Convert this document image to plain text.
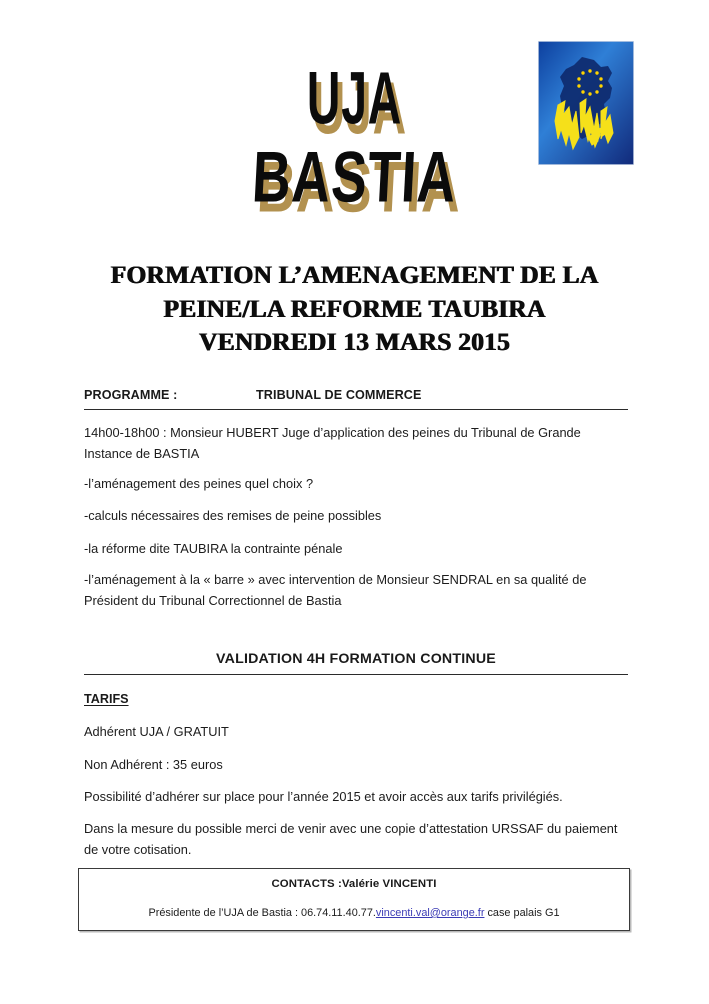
UJA
BASTIA
FORMATION L’AMENAGEMENT DE LA
PEINE/LA REFORME TAUBIRA
VENDREDI 13 MARS 2015
PROGRAMME :	TRIBUNAL DE COMMERCE
14h00-18h00 : Monsieur HUBERT Juge d’application des peines du Tribunal de Grande Instance de BASTIA
-l’aménagement des peines quel choix ?
-calculs nécessaires des remises de peine possibles
-la réforme dite TAUBIRA la contrainte pénale
-l’aménagement à la « barre » avec intervention de Monsieur SENDRAL en sa qualité de Président du Tribunal Correctionnel de Bastia
VALIDATION 4H FORMATION CONTINUE
TARIFS
Adhérent UJA / GRATUIT
Non Adhérent : 35 euros
Possibilité d’adhérer sur place pour l’année 2015 et avoir accès aux tarifs privilégiés.
Dans la mesure du possible merci de venir avec une copie d’attestation URSSAF du paiement de votre cotisation.
CONTACTS :Valérie VINCENTI
Présidente de l’UJA de Bastia : 06.74.11.40.77.vincenti.val@orange.fr case palais G1
